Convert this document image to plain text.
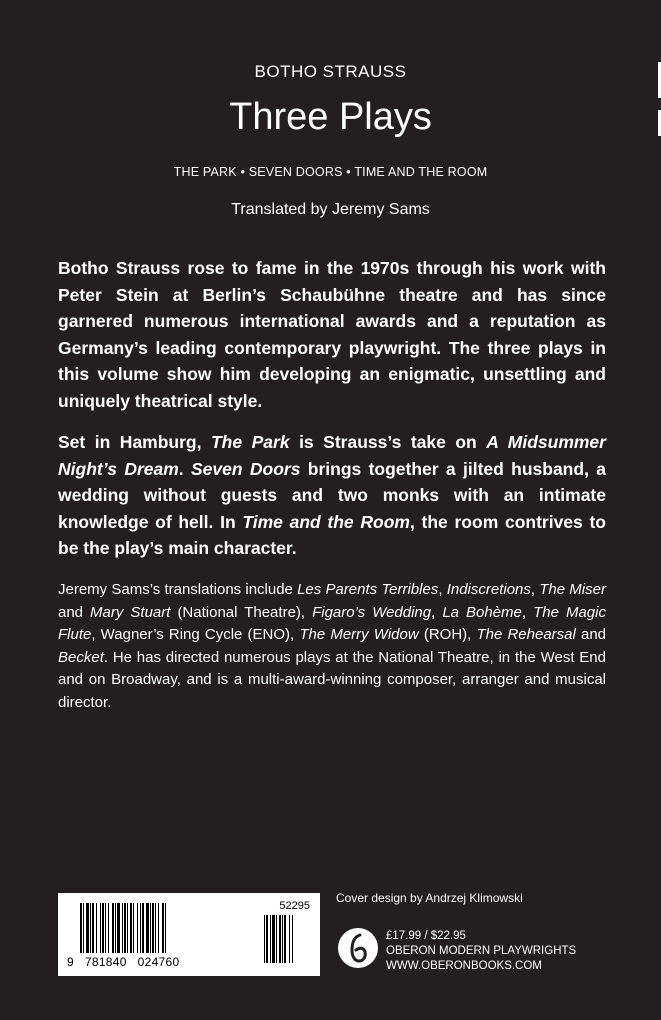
BOTHO STRAUSS
Three Plays
THE PARK • SEVEN DOORS • TIME AND THE ROOM
Translated by Jeremy Sams

Botho Strauss rose to fame in the 1970s through his work with Peter Stein at Berlin’s Schaubühne theatre and has since garnered numerous international awards and a reputation as Germany’s leading contemporary playwright. The three plays in this volume show him developing an enigmatic, unsettling and uniquely theatrical style.

Set in Hamburg, The Park is Strauss’s take on A Midsummer Night’s Dream. Seven Doors brings together a jilted husband, a wedding without guests and two monks with an intimate knowledge of hell. In Time and the Room, the room contrives to be the play’s main character.

Jeremy Sams’s translations include Les Parents Terribles, Indiscretions, The Miser and Mary Stuart (National Theatre), Figaro’s Wedding, La Bohème, The Magic Flute, Wagner’s Ring Cycle (ENO), The Merry Widow (ROH), The Rehearsal and Becket. He has directed numerous plays at the National Theatre, in the West End and on Broadway, and is a multi-award-winning composer, arranger and musical director.

52295
9   781840   024760
Cover design by Andrzej Klimowski
£17.99 / $22.95
OBERON MODERN PLAYWRIGHTS
WWW.OBERONBOOKS.COM
